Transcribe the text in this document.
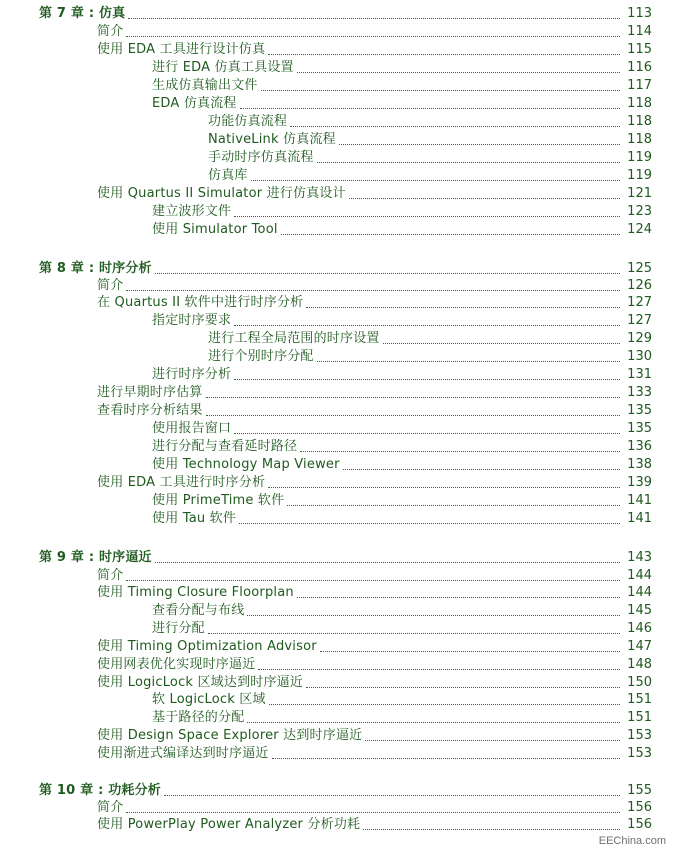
第 7 章 : 仿真	113
简介	114
使用 EDA 工具进行设计仿真	115
进行 EDA 仿真工具设置	116
生成仿真输出文件	117
EDA 仿真流程	118
功能仿真流程	118
NativeLink 仿真流程	118
手动时序仿真流程	119
仿真库	119
使用 Quartus II Simulator 进行仿真设计	121
建立波形文件	123
使用 Simulator Tool	124
第 8 章 : 时序分析	125
简介	126
在 Quartus II 软件中进行时序分析	127
指定时序要求	127
进行工程全局范围的时序设置	129
进行个别时序分配	130
进行时序分析	131
进行早期时序估算	133
查看时序分析结果	135
使用报告窗口	135
进行分配与查看延时路径	136
使用 Technology Map Viewer	138
使用 EDA 工具进行时序分析	139
使用 PrimeTime 软件	141
使用 Tau 软件	141
第 9 章 : 时序逼近	143
简介	144
使用 Timing Closure Floorplan	144
查看分配与布线	145
进行分配	146
使用 Timing Optimization Advisor	147
使用网表优化实现时序逼近	148
使用 LogicLock 区域达到时序逼近	150
软 LogicLock 区域	151
基于路径的分配	151
使用 Design Space Explorer 达到时序逼近	153
使用渐进式编译达到时序逼近	153
第 10 章 : 功耗分析	155
简介	156
使用 PowerPlay Power Analyzer 分析功耗	156
EEChina.com
